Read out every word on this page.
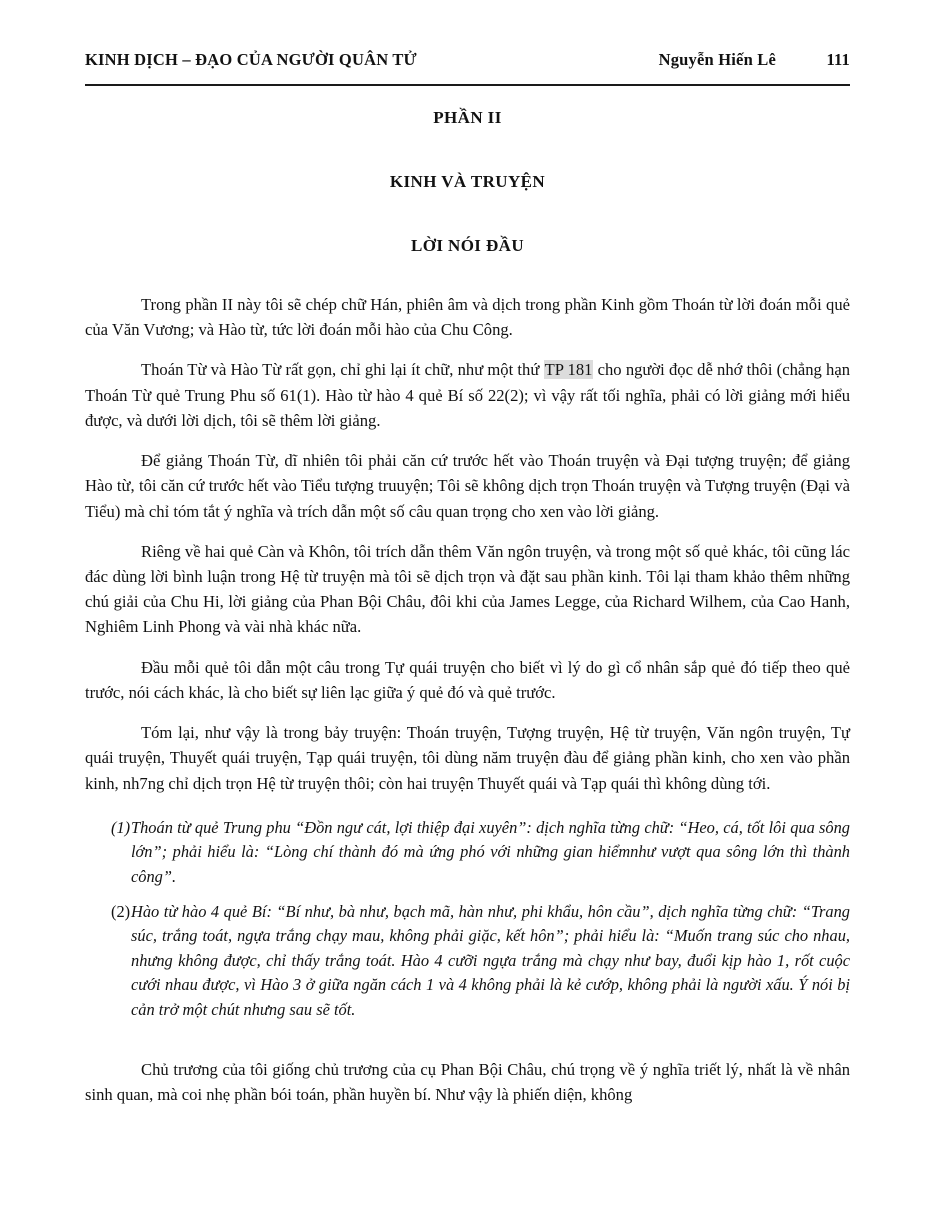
KINH DỊCH – ĐẠO CỦA NGƯỜI QUÂN TỬ	Nguyễn Hiến Lê	111
PHẦN II
KINH VÀ TRUYỆN
LỜI NÓI ĐẦU

Trong phần II này tôi sẽ chép chữ Hán, phiên âm và dịch trong phần Kinh gồm Thoán từ lời đoán mỗi quẻ của Văn Vương; và Hào từ, tức lời đoán mỗi hào của Chu Công.

Thoán Từ và Hào Từ rất gọn, chỉ ghi lại ít chữ, như một thứ TP 181 cho người đọc dễ nhớ thôi (chẳng hạn Thoán Từ quẻ Trung Phu số 61(1). Hào từ hào 4 quẻ Bí số 22(2); vì vậy rất tối nghĩa, phải có lời giảng mới hiểu được, và dưới lời dịch, tôi sẽ thêm lời giảng.

Để giảng Thoán Từ, dĩ nhiên tôi phải căn cứ trước hết vào Thoán truyện và Đại tượng truyện; để giảng Hào từ, tôi căn cứ trước hết vào Tiểu tượng truuyện; Tôi sẽ không dịch trọn Thoán truyện và Tượng truyện (Đại và Tiểu) mà chỉ tóm tắt ý nghĩa và trích dẫn một số câu quan trọng cho xen vào lời giảng.

Riêng về hai quẻ Càn và Khôn, tôi trích dẫn thêm Văn ngôn truyện, và trong một số quẻ khác, tôi cũng lác đác dùng lời bình luận trong Hệ từ truyện mà tôi sẽ dịch trọn và đặt sau phần kinh. Tôi lại tham khảo thêm những chú giải của Chu Hi, lời giảng của Phan Bội Châu, đôi khi của James Legge, của Richard Wilhem, của Cao Hanh, Nghiêm Linh Phong và vài nhà khác nữa.

Đầu mỗi quẻ tôi dẫn một câu trong Tự quái truyện cho biết vì lý do gì cổ nhân sắp quẻ đó tiếp theo quẻ trước, nói cách khác, là cho biết sự liên lạc giữa ý quẻ đó và quẻ trước.

Tóm lại, như vậy là trong bảy truyện: Thoán truyện, Tượng truyện, Hệ từ truyện, Văn ngôn truyện, Tự quái truyện, Thuyết quái truyện, Tạp quái truyện, tôi dùng năm truyện đàu để giảng phần kinh, cho xen vào phần kinh, nh7ng chỉ dịch trọn Hệ từ truyện thôi; còn hai truyện Thuyết quái và Tạp quái thì không dùng tới.

(1) Thoán từ quẻ Trung phu “Đồn ngư cát, lợi thiệp đại xuyên”: dịch nghĩa từng chữ: “Heo, cá, tốt lôi qua sông lớn”; phải hiểu là: “Lòng chí thành đó mà ứng phó với những gian hiểmnhư vượt qua sông lớn thì thành công”.
(2) Hào từ hào 4 quẻ Bí: “Bí như, bà như, bạch mã, hàn như, phi khẩu, hôn cầu”, dịch nghĩa từng chữ: “Trang súc, trắng toát, ngựa trắng chạy mau, không phải giặc, kết hôn”; phải hiểu là: “Muốn trang súc cho nhau, nhưng không được, chỉ thấy trắng toát. Hào 4 cưỡi ngựa trắng mà chạy như bay, đuổi kịp hào 1, rốt cuộc cưới nhau được, vì Hào 3 ở giữa ngăn cách 1 và 4 không phải là kẻ cướp, không phải là người xấu. Ý nói bị cản trở một chút nhưng sau sẽ tốt.

Chủ trương của tôi giống chủ trương của cụ Phan Bội Châu, chú trọng về ý nghĩa triết lý, nhất là về nhân sinh quan, mà coi nhẹ phần bói toán, phần huyền bí. Như vậy là phiến diện, không
